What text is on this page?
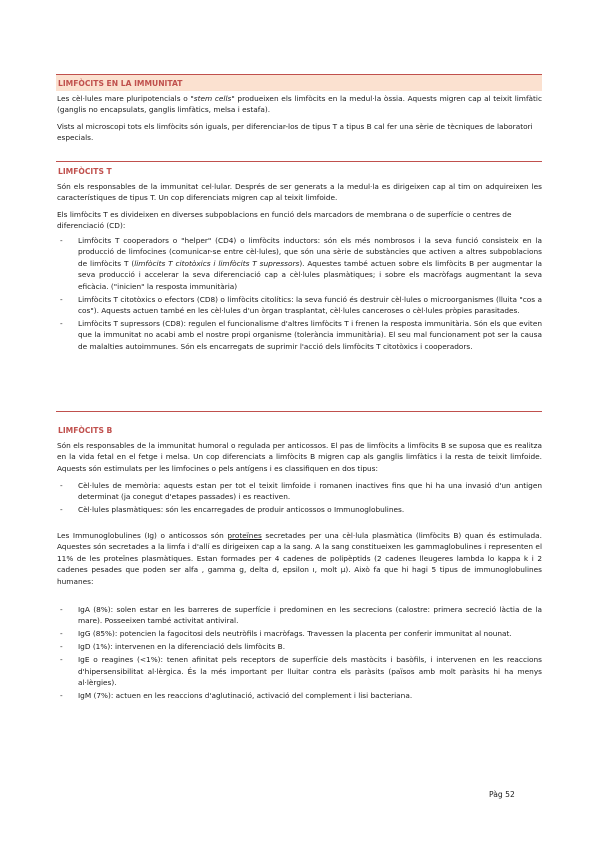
LIMFÒCITS EN LA IMMUNITAT

Les cèl·lules mare pluripotencials o "stem cells" produeixen els limfòcits en la medul·la òssia. Aquests migren cap al teixit limfàtic (ganglis no encapsulats, ganglis limfàtics, melsa i estafa).

Vists al microscopi tots els limfòcits són iguals, per diferenciar-los de tipus T a tipus B cal fer una sèrie de tècniques de laboratori especials.

LIMFÒCITS T

Són els responsables de la immunitat cel·lular. Després de ser generats a la medul·la es dirigeixen cap al tim on adquireixen les característiques de tipus T. Un cop diferenciats migren cap al teixit limfoide.

Els limfòcits T es divideixen en diverses subpoblacions en funció dels marcadors de membrana o de superfície o centres de diferenciació (CD):

- Limfòcits T cooperadors o "helper" (CD4) o limfòcits inductors: són els més nombrosos i la seva funció consisteix en la producció de limfocines (comunicar-se entre cèl·lules), que són una sèrie de substàncies que activen a altres subpoblacions de limfòcits T (limfòcits T citotòxics i limfòcits T supressors). Aquestes també actuen sobre els limfòcits B per augmentar la seva producció i accelerar la seva diferenciació cap a cèl·lules plasmàtiques; i sobre els macròfags augmentant la seva eficàcia. ("inicien" la resposta immunitària)
- Limfòcits T citotòxics o efectors (CD8) o limfòcits citolítics: la seva funció és destruir cèl·lules o microorganismes (lluita "cos a cos"). Aquests actuen també en les cèl·lules d'un òrgan trasplantat, cèl·lules canceroses o cèl·lules pròpies parasitades.
- Limfòcits T supressors (CD8): regulen el funcionalisme d'altres limfòcits T i frenen la resposta immunitària. Són els que eviten que la immunitat no acabi amb el nostre propi organisme (tolerància immunitària). El seu mal funcionament pot ser la causa de malalties autoimmunes. Són els encarregats de suprimir l'acció dels limfòcits T citotòxics i cooperadors.
LIMFÒCITS B

Són els responsables de la immunitat humoral o regulada per anticossos. El pas de limfòcits a limfòcits B se suposa que es realitza en la vida fetal en el fetge i melsa. Un cop diferenciats a limfòcits B migren cap als ganglis limfàtics i la resta de teixit limfoide. Aquests són estimulats per les limfocines o pels antígens i es classifiquen en dos tipus:

- Cèl·lules de memòria: aquests estan per tot el teixit limfoide i romanen inactives fins que hi ha una invasió d'un antigen determinat (ja conegut d'etapes passades) i es reactiven.
- Cèl·lules plasmàtiques: són les encarregades de produir anticossos o Immunoglobulines.

Les Immunoglobulines (Ig) o anticossos són proteïnes secretades per una cèl·lula plasmàtica (limfòcits B) quan és estimulada. Aquestes són secretades a la limfa i d'allí es dirigeixen cap a la sang. A la sang constitueixen les gammaglobulines i representen el 11% de les proteïnes plasmàtiques. Estan formades per 4 cadenes de polipèptids (2 cadenes lleugeres lambda lo kappa k i 2 cadenes pesades que poden ser alfa , gamma g, delta d, epsilon ı, molt μ). Això fa que hi hagi 5 tipus de immunoglobulines humanes:

- IgA (8%): solen estar en les barreres de superfície i predominen en les secrecions (calostre: primera secreció làctia de la mare). Posseeixen també activitat antiviral.
- IgG (85%): potencien la fagocitosi dels neutròfils i macròfags. Travessen la placenta per conferir immunitat al nounat.
- IgD (1%): intervenen en la diferenciació dels limfòcits B.
- IgE o reagines (<1%): tenen afinitat pels receptors de superfície dels mastòcits i basòfils, i intervenen en les reaccions d'hipersensibilitat al·lèrgica. És la més important per lluitar contra els paràsits (països amb molt paràsits hi ha menys al·lèrgies).
- IgM (7%): actuen en les reaccions d'aglutinació, activació del complement i lisi bacteriana.
Pàg 52
